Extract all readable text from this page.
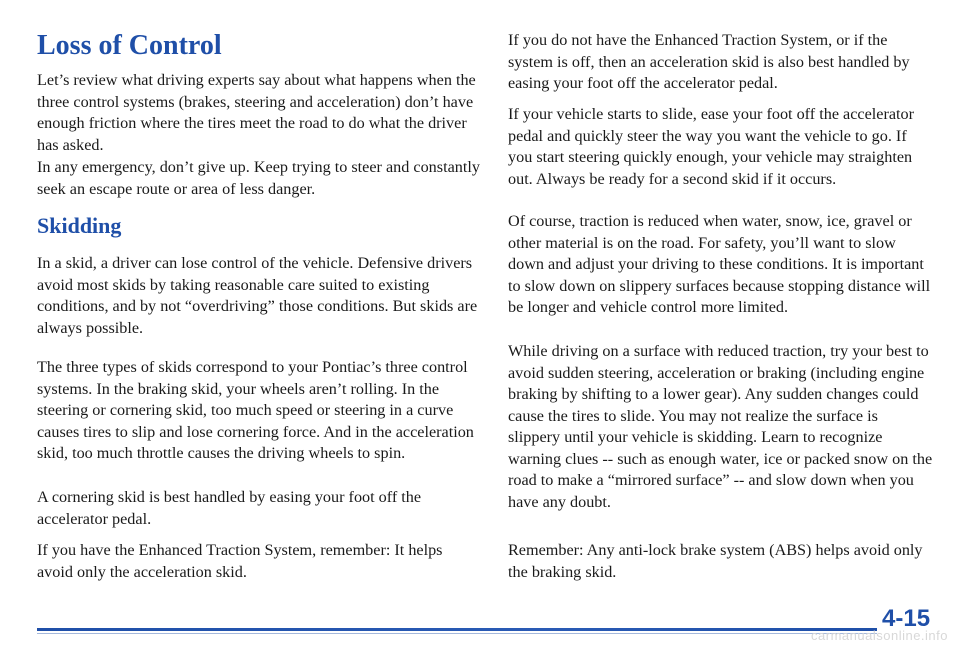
Loss of Control

Let’s review what driving experts say about what happens when the three control systems (brakes, steering and acceleration) don’t have enough friction where the tires meet the road to do what the driver has asked.

In any emergency, don’t give up. Keep trying to steer and constantly seek an escape route or area of less danger.

Skidding

In a skid, a driver can lose control of the vehicle. Defensive drivers avoid most skids by taking reasonable care suited to existing conditions, and by not “overdriving” those conditions. But skids are always possible.

The three types of skids correspond to your Pontiac’s three control systems. In the braking skid, your wheels aren’t rolling. In the steering or cornering skid, too much speed or steering in a curve causes tires to slip and lose cornering force. And in the acceleration skid, too much throttle causes the driving wheels to spin.

A cornering skid is best handled by easing your foot off the accelerator pedal.

If you have the Enhanced Traction System, remember: It helps avoid only the acceleration skid.

If you do not have the Enhanced Traction System, or if the system is off, then an acceleration skid is also best handled by easing your foot off the accelerator pedal.

If your vehicle starts to slide, ease your foot off the accelerator pedal and quickly steer the way you want the vehicle to go. If you start steering quickly enough, your vehicle may straighten out. Always be ready for a second skid if it occurs.

Of course, traction is reduced when water, snow, ice, gravel or other material is on the road. For safety, you’ll want to slow down and adjust your driving to these conditions. It is important to slow down on slippery surfaces because stopping distance will be longer and vehicle control more limited.

While driving on a surface with reduced traction, try your best to avoid sudden steering, acceleration or braking (including engine braking by shifting to a lower gear). Any sudden changes could cause the tires to slide. You may not realize the surface is slippery until your vehicle is skidding. Learn to recognize warning clues -- such as enough water, ice or packed snow on the road to make a “mirrored surface” -- and slow down when you have any doubt.

Remember: Any anti-lock brake system (ABS) helps avoid only the braking skid.

4-15
carmanualsonline.info
